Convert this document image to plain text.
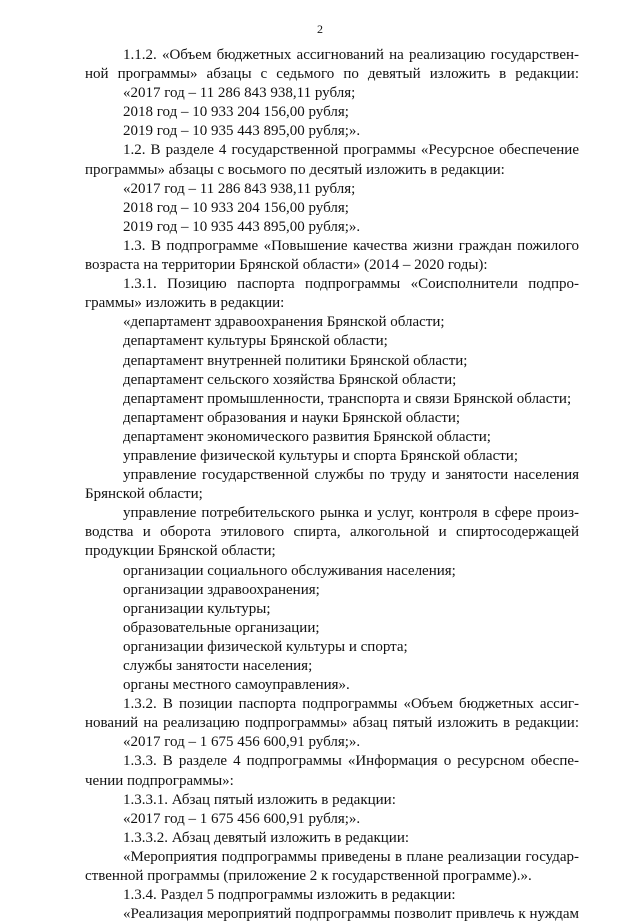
2
1.1.2. «Объем бюджетных ассигнований на реализацию государствен-
ной программы» абзацы с седьмого по девятый изложить в редакции:
«2017 год – 11 286 843 938,11 рубля;
2018 год – 10 933 204 156,00 рубля;
2019 год – 10 935 443 895,00 рубля;».
1.2. В разделе 4 государственной программы «Ресурсное обеспечение
программы» абзацы с восьмого по десятый изложить в редакции:
«2017 год – 11 286 843 938,11 рубля;
2018 год – 10 933 204 156,00 рубля;
2019 год – 10 935 443 895,00 рубля;».
1.3. В подпрограмме «Повышение качества жизни граждан пожилого
возраста на территории Брянской области» (2014 – 2020 годы):
1.3.1. Позицию паспорта подпрограммы «Соисполнители подпро-
граммы» изложить в редакции:
«департамент здравоохранения Брянской области;
департамент культуры Брянской области;
департамент внутренней политики Брянской области;
департамент сельского хозяйства Брянской области;
департамент промышленности, транспорта и связи Брянской области;
департамент образования и науки Брянской области;
департамент экономического развития Брянской области;
управление физической культуры и спорта Брянской области;
управление государственной службы по труду и занятости населения
Брянской области;
управление потребительского рынка и услуг, контроля в сфере произ-
водства и оборота этилового спирта, алкогольной и спиртосодержащей
продукции Брянской области;
организации социального обслуживания населения;
организации здравоохранения;
организации культуры;
образовательные организации;
организации физической культуры и спорта;
службы занятости населения;
органы местного самоуправления».
1.3.2. В позиции паспорта подпрограммы «Объем бюджетных ассиг-
нований на реализацию подпрограммы» абзац пятый изложить в редакции:
«2017 год – 1 675 456 600,91 рубля;».
1.3.3. В разделе 4 подпрограммы «Информация о ресурсном обеспе-
чении подпрограммы»:
1.3.3.1. Абзац пятый изложить в редакции:
«2017 год – 1 675 456 600,91 рубля;».
1.3.3.2. Абзац девятый изложить в редакции:
«Мероприятия подпрограммы приведены в плане реализации государ-
ственной программы (приложение 2 к государственной программе).».
1.3.4. Раздел 5 подпрограммы изложить в редакции:
«Реализация мероприятий подпрограммы позволит привлечь к нуждам
